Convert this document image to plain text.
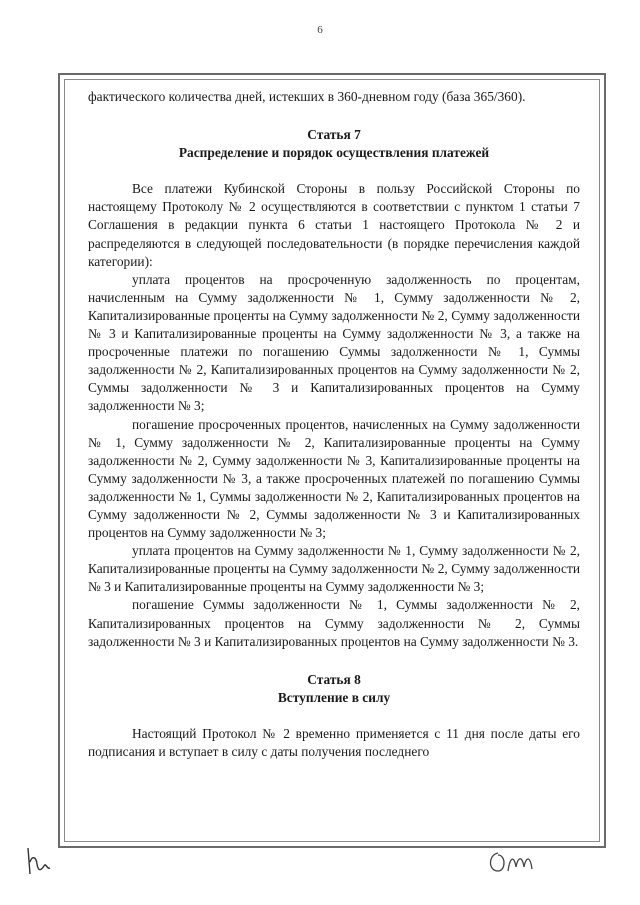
6

фактического количества дней, истекших в 360-дневном году (база 365/360).

Статья 7

Распределение и порядок осуществления платежей

Все платежи Кубинской Стороны в пользу Российской Стороны по настоящему Протоколу № 2 осуществляются в соответствии с пунктом 1 статьи 7 Соглашения в редакции пункта 6 статьи 1 настоящего Протокола № 2 и распределяются в следующей последовательности (в порядке перечисления каждой категории):

уплата процентов на просроченную задолженность по процентам, начисленным на Сумму задолженности № 1, Сумму задолженности № 2, Капитализированные проценты на Сумму задолженности № 2, Сумму задолженности № 3 и Капитализированные проценты на Сумму задолженности № 3, а также на просроченные платежи по погашению Суммы задолженности № 1, Суммы задолженности № 2, Капитализированных процентов на Сумму задолженности № 2, Суммы задолженности № 3 и Капитализированных процентов на Сумму задолженности № 3;

погашение просроченных процентов, начисленных на Сумму задолженности № 1, Сумму задолженности № 2, Капитализированные проценты на Сумму задолженности № 2, Сумму задолженности № 3, Капитализированные проценты на Сумму задолженности № 3, а также просроченных платежей по погашению Суммы задолженности № 1, Суммы задолженности № 2, Капитализированных процентов на Сумму задолженности № 2, Суммы задолженности № 3 и Капитализированных процентов на Сумму задолженности № 3;

уплата процентов на Сумму задолженности № 1, Сумму задолженности № 2, Капитализированные проценты на Сумму задолженности № 2, Сумму задолженности № 3 и Капитализированные проценты на Сумму задолженности № 3;

погашение Суммы задолженности № 1, Суммы задолженности № 2, Капитализированных процентов на Сумму задолженности № 2, Суммы задолженности № 3 и Капитализированных процентов на Сумму задолженности № 3.

Статья 8

Вступление в силу

Настоящий Протокол № 2 временно применяется с 11 дня после даты его подписания и вступает в силу с даты получения последнего
